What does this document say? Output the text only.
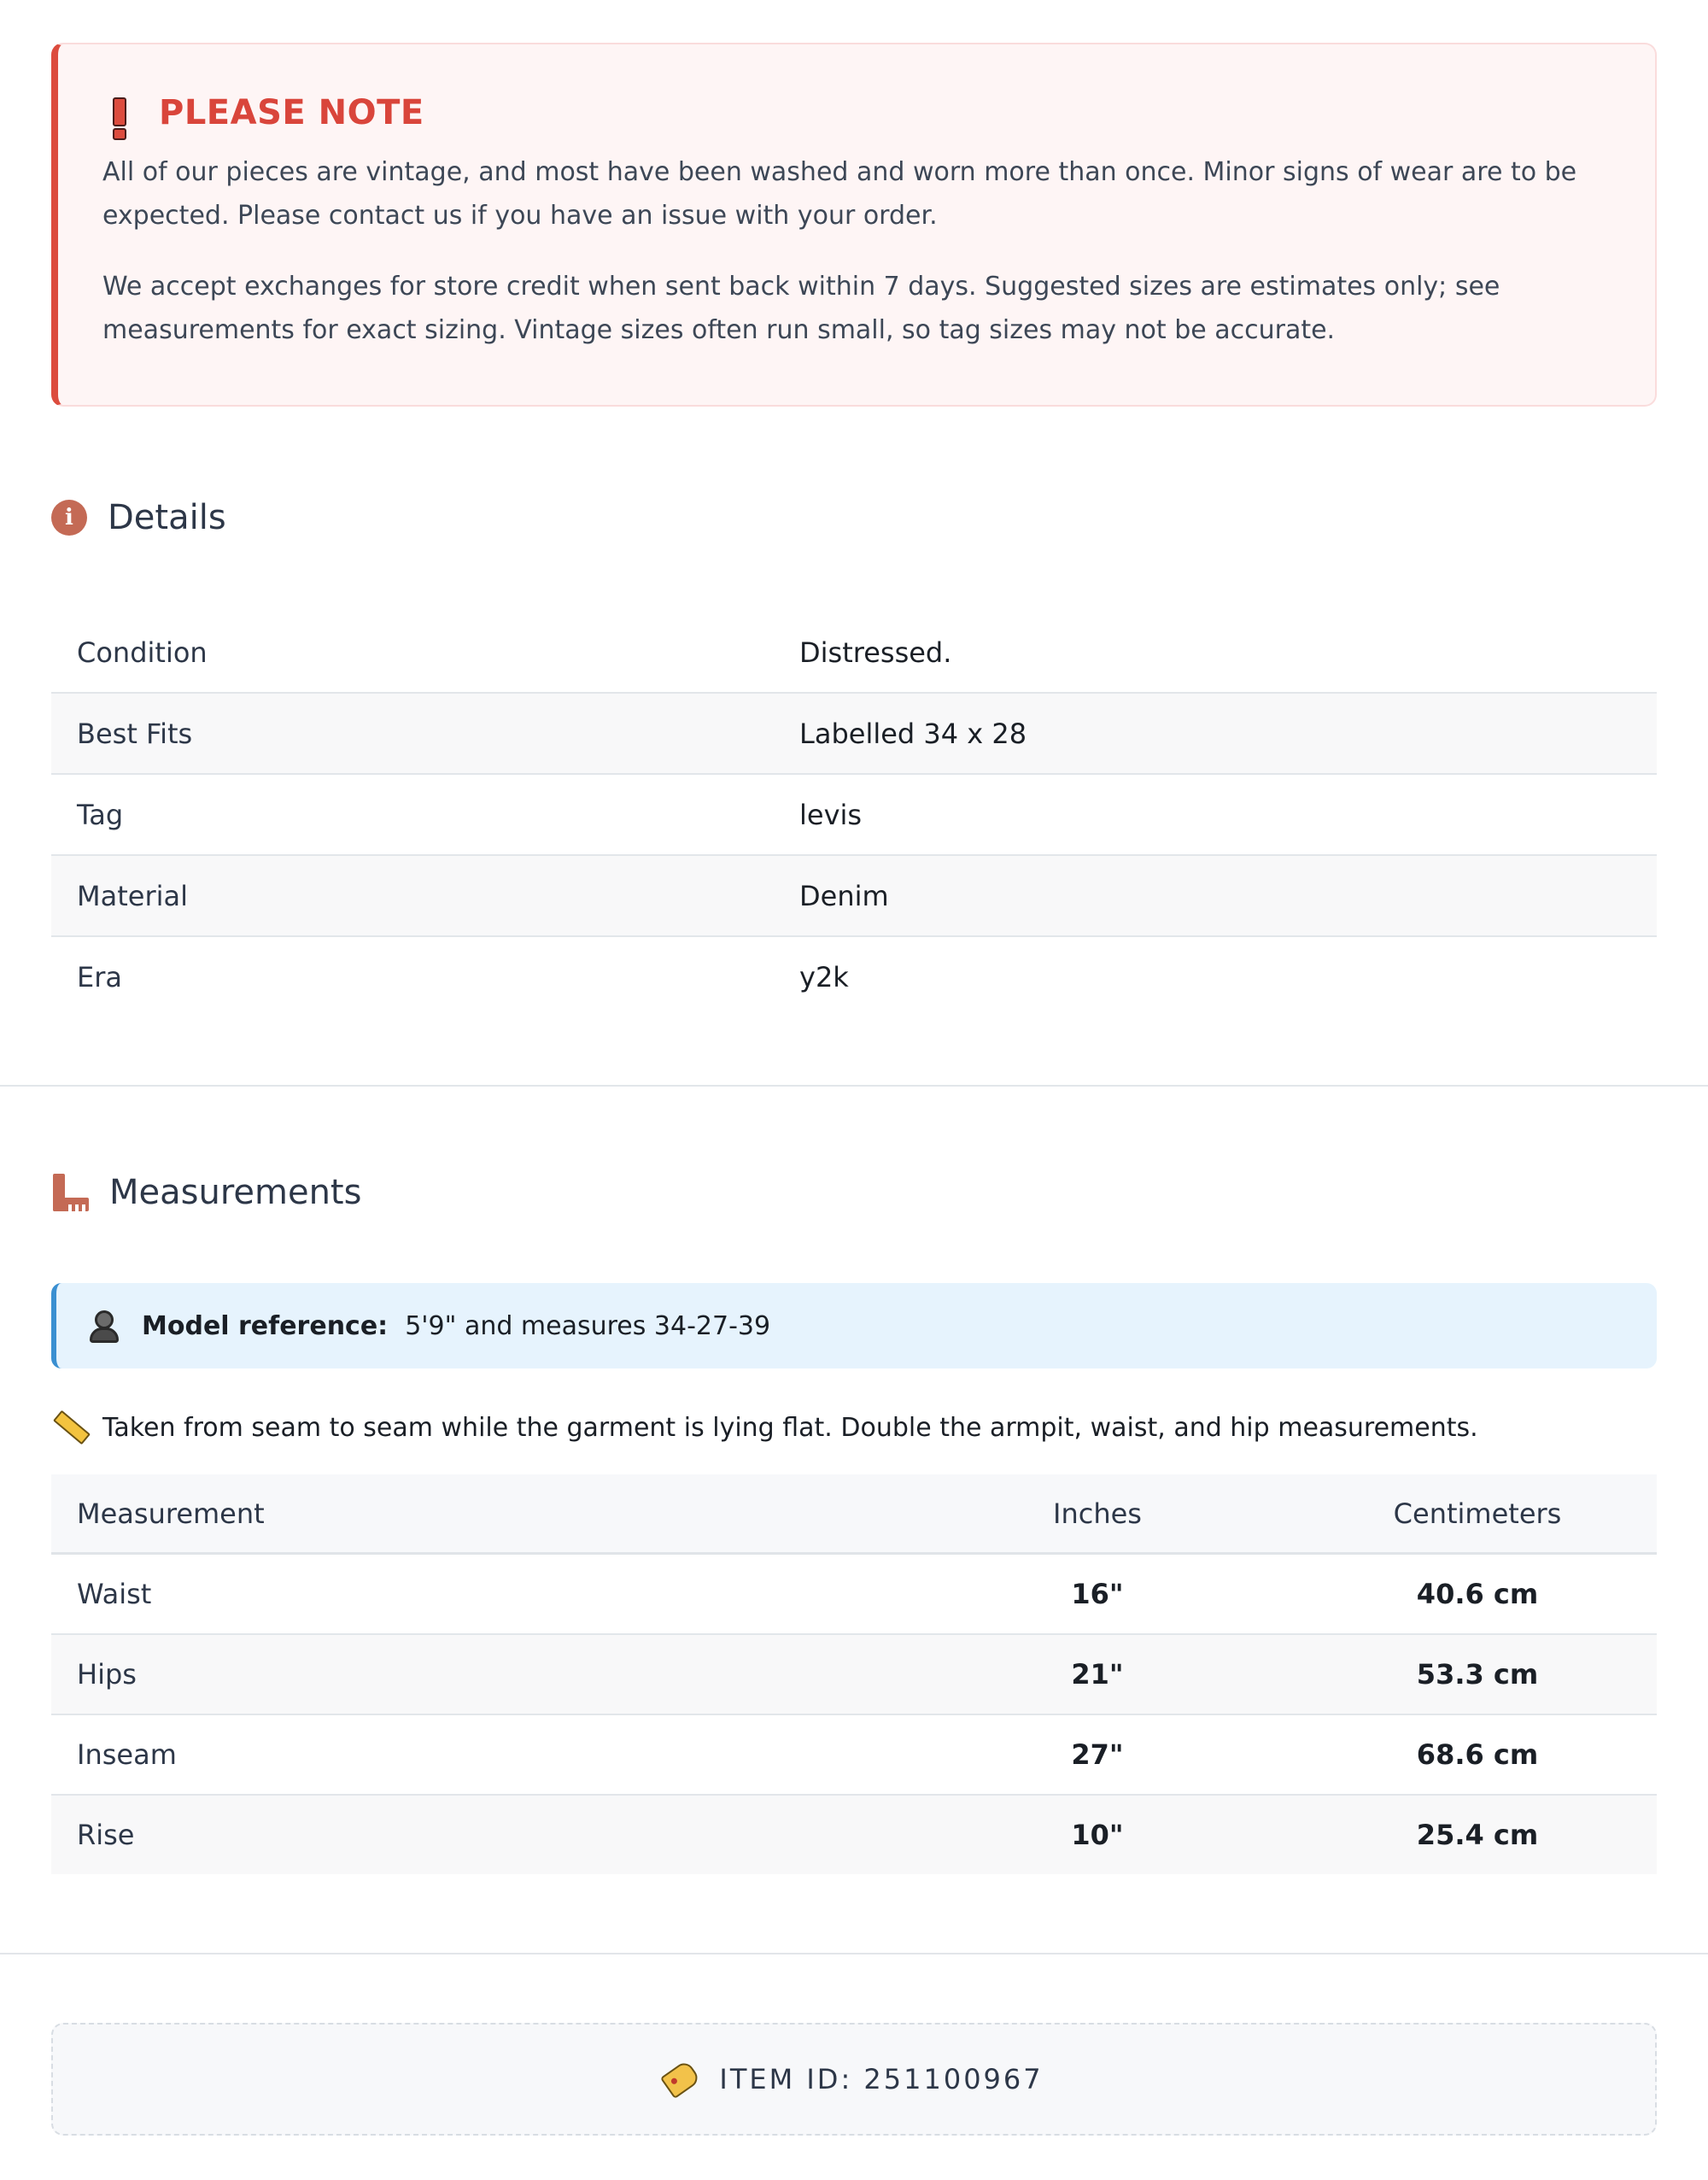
PLEASE NOTE

All of our pieces are vintage, and most have been washed and worn more than once. Minor signs of wear are to be expected. Please contact us if you have an issue with your order.

We accept exchanges for store credit when sent back within 7 days. Suggested sizes are estimates only; see measurements for exact sizing. Vintage sizes often run small, so tag sizes may not be accurate.

i	Details
Condition	Distressed.
Best Fits	Labelled 34 x 28
Tag	levis
Material	Denim
Era	y2k
Measurements
Model reference: 5'9" and measures 34-27-39
Taken from seam to seam while the garment is lying flat. Double the armpit, waist, and hip measurements.
Measurement	Inches	Centimeters
Waist	16"	40.6 cm
Hips	21"	53.3 cm
Inseam	27"	68.6 cm
Rise	10"	25.4 cm
ITEM ID: 251100967
